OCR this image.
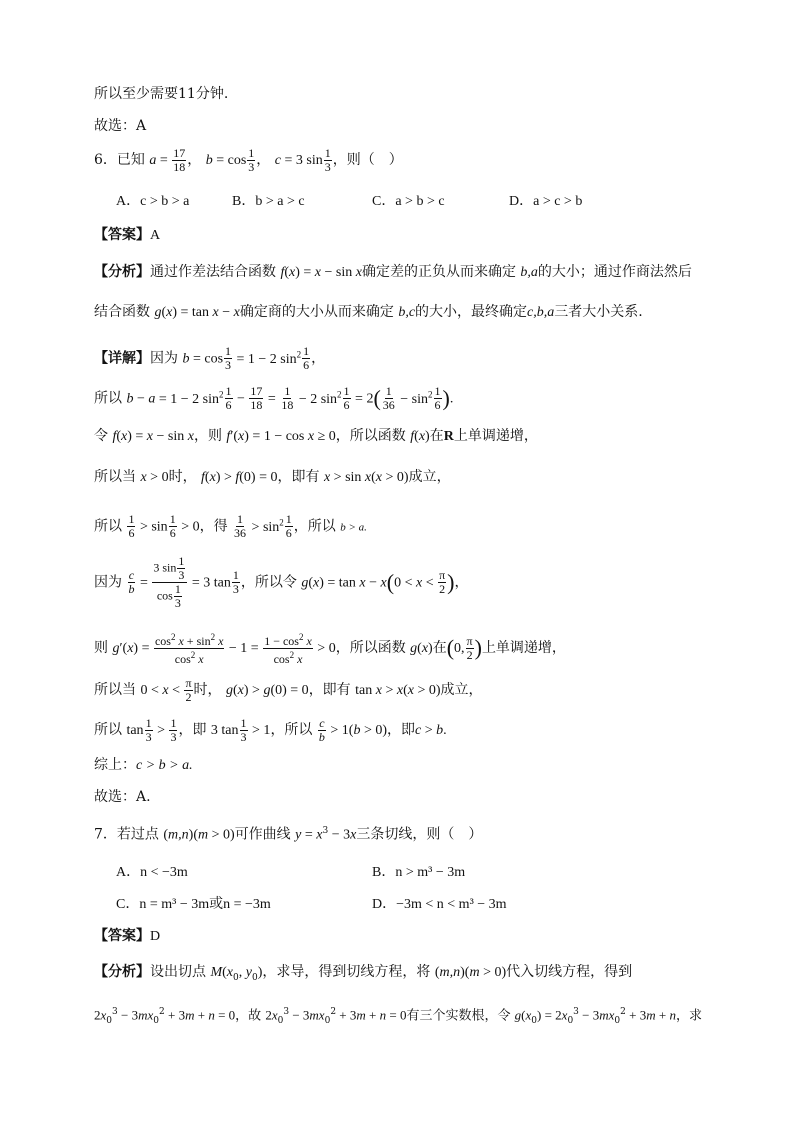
所以至少需要11分钟.
故选：A
6．已知 $a = \frac{17}{18}$ ， $b = \cos \frac{1}{3}$ ， c = 3 $\sin \frac{1}{3}$ ，则（　）
A．c > b > a	B．b > a > c	C．a > b > c	D．a > c > b
【答案】A
【分析】通过作差法结合函数 f(x) = x − sin x确定差的正负从而来确定 b,a的大小；通过作商法然后
结合函数 g(x) = tan x − x确定商的大小从而来确定 b,c的大小，最终确定c,b,a三者大小关系.
【详解】因为 $b = \cos \frac{1}{3} = 1 - 2$ $\sin^2 \frac{1}{6}$ ，
所以 b − a = 1 − 2 $\sin^2 \frac{1}{6} - \frac{17}{18} = \frac{1}{18} - 2$ $\sin^2 \frac{1}{6} = 2( \frac{1}{36} - \sin^2 \frac{1}{6}$ ).
令 f(x) = x − sin x，则 f′(x) = 1 − cos x ≥ 0，所以函数 f(x)在R上单调递增，
所以当 x > 0时， f(x) > f(0) = 0，即有 x > sin x(x > 0)成立，
所以 $\frac{1}{6} > \sin \frac{1}{6} > 0$，得 $\frac{1}{36} > \sin^2 \frac{1}{6}$ ，所以 b > a.
因为 $\frac{c}{b} = \frac{3 \sin \frac{1}{3}}{\cos \frac{1}{3}} = 3$ $\tan \frac{1}{3}$ ，所以令 $g(x) = \tan x - x(0 < x < \frac{\pi}{2}$ )，
则 $g'(x) = \frac{\cos^2 x + \sin^2 x}{\cos^2 x} - 1 = \frac{1 - \cos^2 x}{\cos^2 x} > 0$，所以函数 g(x)在(0, $\frac{\pi}{2}$ )上单调递增，
所以当 $0 < x < \frac{\pi}{2}$ 时， g(x) > g(0) = 0，即有 tan x > x(x > 0)成立，
所以 $\tan \frac{1}{3} > \frac{1}{3}$ ，即 3 $\tan \frac{1}{3} > 1$，所以 $\frac{c}{b} > 1(b > 0)$，即c > b.
综上：c > b > a.
故选：A.
7．若过点 (m,n)(m > 0)可作曲线 $y = x^3 - 3x$三条切线，则（　）
A．n < −3m	B．n > m³ − 3m
C．n = m³ − 3m或n = −3m	D．−3m < n < m³ − 3m
【答案】D
【分析】设出切点 $M(x_0$, $y_0$)，求导，得到切线方程，将 (m,n)(m > 0)代入切线方程，得到
$2x_0^3 - 3mx_0^2 + 3m + n = 0$，故 $2x_0^3 - 3mx_0^2 + 3m + n = 0$有三个实数根，令 $g(x_0) = 2x_0^3 - 3mx_0^2 + 3m + n$，求
